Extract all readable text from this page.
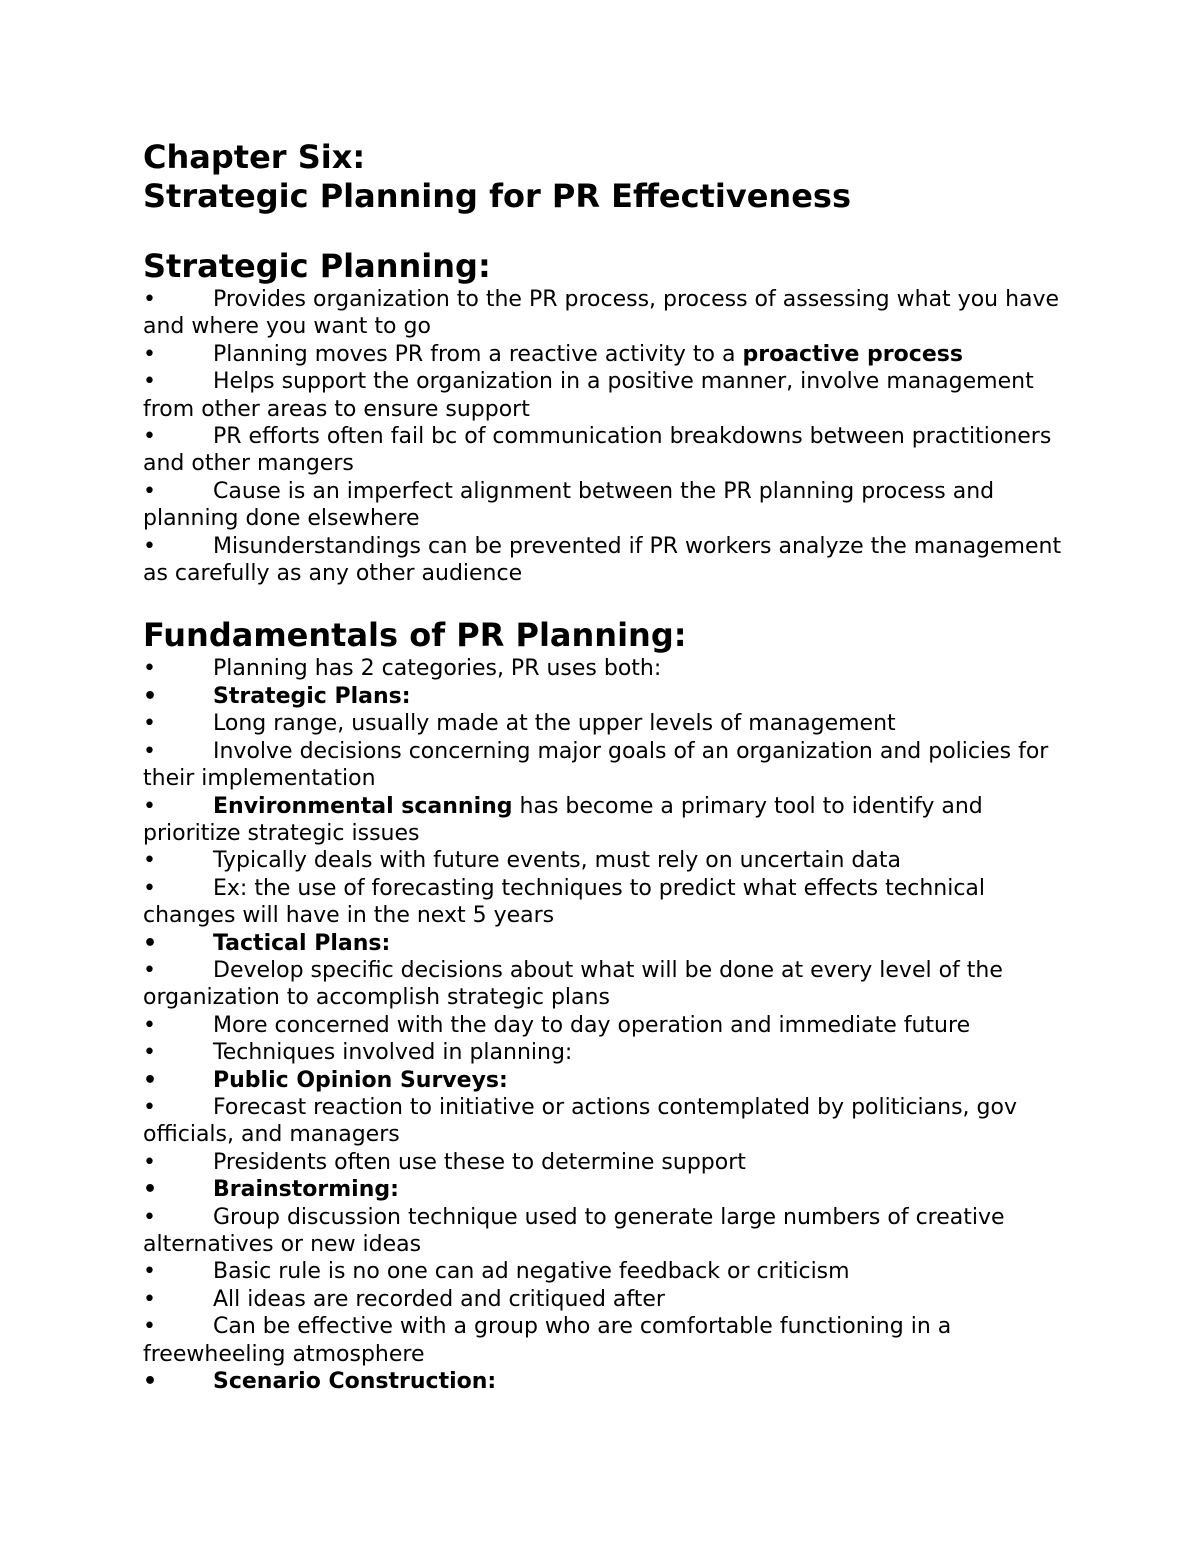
Chapter Six:
Strategic Planning for PR Effectiveness
Strategic Planning:
•	Provides organization to the PR process, process of assessing what you have and where you want to go
•	Planning moves PR from a reactive activity to a proactive process
•	Helps support the organization in a positive manner, involve management from other areas to ensure support
•	PR efforts often fail bc of communication breakdowns between practitioners and other mangers
•	Cause is an imperfect alignment between the PR planning process and planning done elsewhere
•	Misunderstandings can be prevented if PR workers analyze the management as carefully as any other audience
Fundamentals of PR Planning:
•	Planning has 2 categories, PR uses both:
•	Strategic Plans:
•	Long range, usually made at the upper levels of management
•	Involve decisions concerning major goals of an organization and policies for their implementation
•	Environmental scanning has become a primary tool to identify and prioritize strategic issues
•	Typically deals with future events, must rely on uncertain data
•	Ex: the use of forecasting techniques to predict what effects technical changes will have in the next 5 years
•	Tactical Plans:
•	Develop specific decisions about what will be done at every level of the organization to accomplish strategic plans
•	More concerned with the day to day operation and immediate future
•	Techniques involved in planning:
•	Public Opinion Surveys:
•	Forecast reaction to initiative or actions contemplated by politicians, gov officials, and managers
•	Presidents often use these to determine support
•	Brainstorming:
•	Group discussion technique used to generate large numbers of creative alternatives or new ideas
•	Basic rule is no one can ad negative feedback or criticism
•	All ideas are recorded and critiqued after
•	Can be effective with a group who are comfortable functioning in a freewheeling atmosphere
•	Scenario Construction:
